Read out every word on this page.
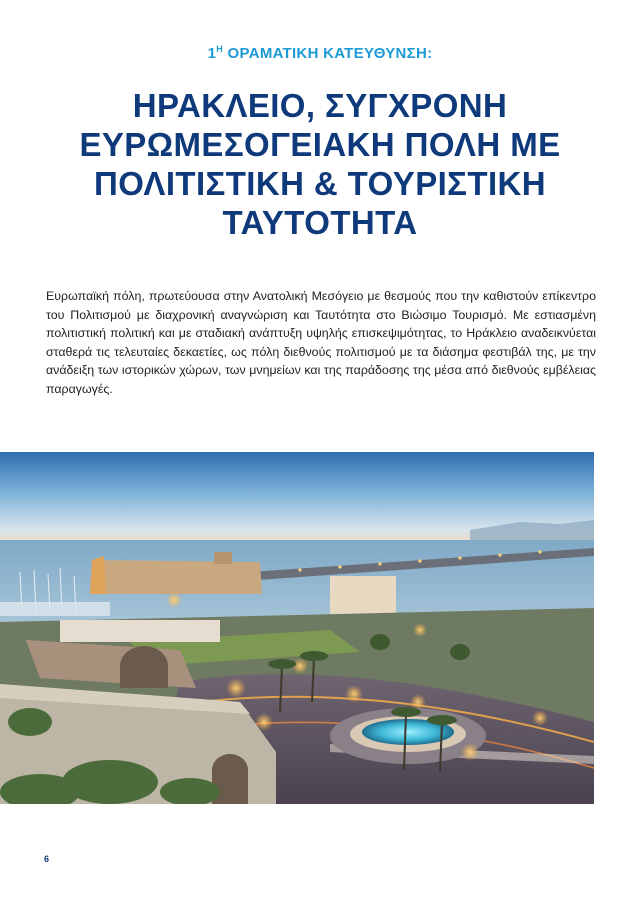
$1^H$ ΟΡΑΜΑΤΙΚΗ ΚΑΤΕΥΘΥΝΣΗ:
ΗΡΑΚΛΕΙΟ, ΣΥΓΧΡΟΝΗ
ΕΥΡΩΜΕΣΟΓΕΙΑΚΗ ΠΟΛΗ ΜΕ
ΠΟΛΙΤΙΣΤΙΚΗ & ΤΟΥΡΙΣΤΙΚΗ
ΤΑΥΤΟΤΗΤΑ

Ευρωπαϊκή πόλη, πρωτεύουσα στην Ανατολική Μεσόγειο με θεσμούς που την καθιστούν επίκεντρο του Πολιτισμού με διαχρονική αναγνώριση και Ταυτότητα στο Βιώσιμο Τουρισμό. Με εστιασμένη πολιτιστική πολιτική και με σταδιακή ανάπτυξη υψηλής επισκεψιμότητας, το Ηράκλειο αναδεικνύεται σταθερά τις τελευταίες δεκαετίες, ως πόλη διεθνούς πολιτισμού με τα διάσημα φεστιβάλ της, με την ανάδειξη των ιστορικών χώρων, των μνημείων και της παράδοσης της μέσα από διεθνούς εμβέλειας παραγωγές.

6
